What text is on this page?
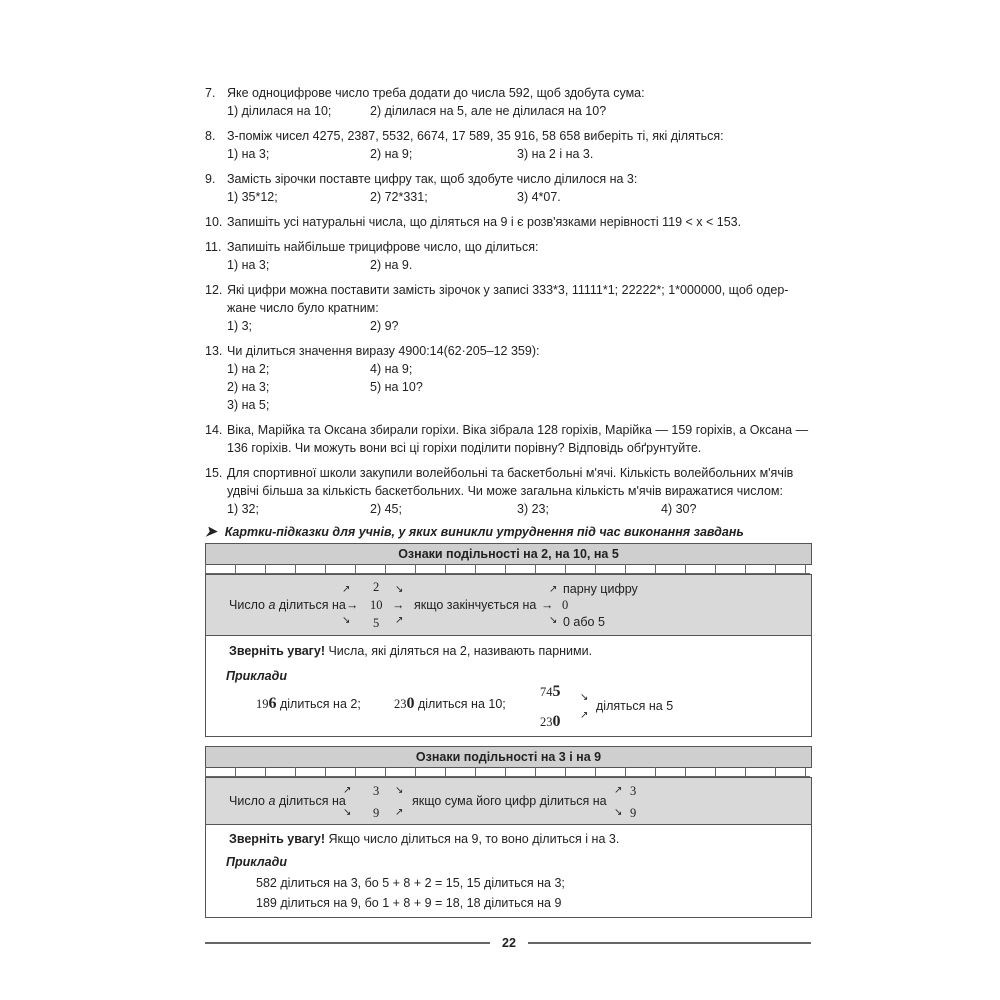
7. Яке одноцифрове число треба додати до числа 592, щоб здобута сума:
1) ділилася на 10;	2) ділилася на 5, але не ділилася на 10?
8. З-поміж чисел 4275, 2387, 5532, 6674, 17 589, 35 916, 58 658 виберіть ті, які діляться:
1) на 3;	2) на 9;	3) на 2 і на 3.
9. Замість зірочки поставте цифру так, щоб здобуте число ділилося на 3:
1) 35*12;	2) 72*331;	3) 4*07.
10. Запишіть усі натуральні числа, що діляться на 9 і є розв'язками нерівності 119 < x < 153.
11. Запишіть найбільше трицифрове число, що ділиться:
1) на 3;	2) на 9.
12. Які цифри можна поставити замість зірочок у записі 333*3, 11111*1; 22222*; 1*000000, щоб одер-
жане число було кратним:
1) 3;	2) 9?
13. Чи ділиться значення виразу 4900:14(62·205–12 359):
1) на 2;	4) на 9;
2) на 3;	5) на 10?
3) на 5;
14. Віка, Марійка та Оксана збирали горіхи. Віка зібрала 128 горіхів, Марійка — 159 горіхів, а Оксана —
136 горіхів. Чи можуть вони всі ці горіхи поділити порівну? Відповідь обґрунтуйте.
15. Для спортивної школи закупили волейбольні та баскетбольні м'ячі. Кількість волейбольних м'ячів
удвічі більша за кількість баскетбольних. Чи може загальна кількість м'ячів виражатися числом:
1) 32;	2) 45;	3) 23;	4) 30?
➤ Картки-підказки для учнів, у яких виникли утруднення під час виконання завдань
Ознаки подільності на 2, на 10, на 5
Число a ділиться на →
↗
↘
2
10
5
↘
→
↗
якщо закінчується на →
↗
↘
парну цифру
0
0 або 5
Зверніть увагу! Числа, які діляться на 2, називають парними.
Приклади
196 ділиться на 2;	230 ділиться на 10;
745
230
↘
↗
діляться на 5
Ознаки подільності на 3 і на 9
Число a ділиться на
↗
↘
3
9
↘
↗
якщо сума його цифр ділиться на
↗
↘
3
9
Зверніть увагу! Якщо число ділиться на 9, то воно ділиться і на 3.
Приклади
582 ділиться на 3, бо 5 + 8 + 2 = 15, 15 ділиться на 3;
189 ділиться на 9, бо 1 + 8 + 9 = 18, 18 ділиться на 9
22
